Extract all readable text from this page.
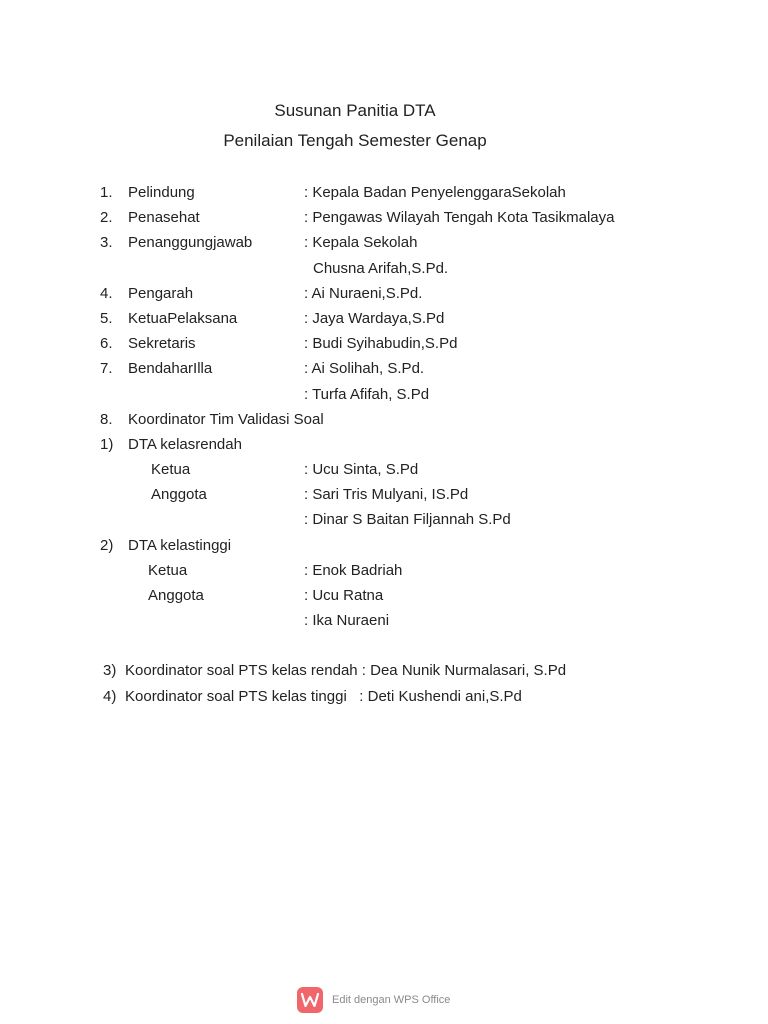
Susunan Panitia DTA
Penilaian Tengah Semester Genap
1. Pelindung	: Kepala Badan PenyelenggaraSekolah
2. Penasehat	: Pengawas Wilayah Tengah Kota Tasikmalaya
3. Penanggungjawab	: Kepala Sekolah
Chusna Arifah,S.Pd.
4. Pengarah	: Ai Nuraeni,S.Pd.
5. KetuaPelaksana	: Jaya Wardaya,S.Pd
6. Sekretaris	: Budi Syihabudin,S.Pd
7. BendaharIlla	: Ai Solihah, S.Pd.
: Turfa Afifah, S.Pd
8. Koordinator Tim Validasi Soal
1) DTA kelasrendah
Ketua	: Ucu Sinta, S.Pd
Anggota	: Sari Tris Mulyani, IS.Pd
: Dinar S Baitan Filjannah S.Pd
2) DTA kelastinggi
Ketua	: Enok Badriah
Anggota	: Ucu Ratna
: Ika Nuraeni
3) Koordinator soal PTS kelas rendah : Dea Nunik Nurmalasari, S.Pd
4) Koordinator soal PTS kelas tinggi   : Deti Kushendi ani,S.Pd
Edit dengan WPS Office
